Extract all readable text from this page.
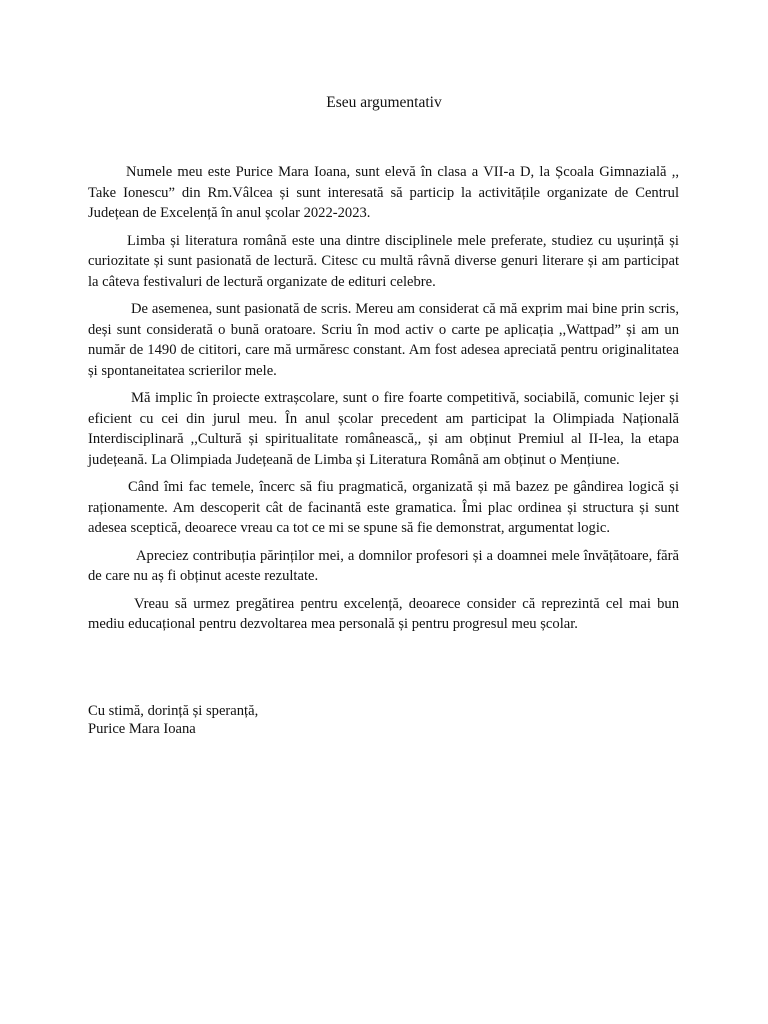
Eseu argumentativ

Numele meu este Purice Mara Ioana, sunt elevă în clasa a VII-a D, la Școala Gimnazială ,, Take Ionescu” din Rm.Vâlcea și sunt interesată să particip la activitățile organizate de Centrul Județean de Excelență în anul școlar 2022-2023.

Limba și literatura română este una dintre disciplinele mele preferate, studiez cu ușurință și curiozitate și sunt pasionată de lectură. Citesc cu multă râvnă diverse genuri literare și am participat la câteva festivaluri de lectură organizate de edituri celebre.

De asemenea, sunt pasionată de scris. Mereu am considerat că mă exprim mai bine prin scris, deși sunt considerată o bună oratoare. Scriu în mod activ o carte pe aplicația ,,Wattpad” și am un număr de 1490 de cititori, care mă urmăresc constant. Am fost adesea apreciată pentru originalitatea și spontaneitatea scrierilor mele.

Mă implic în proiecte extrașcolare, sunt o fire foarte competitivă, sociabilă, comunic lejer și eficient cu cei din jurul meu. În anul școlar precedent am participat la Olimpiada Națională Interdisciplinară ,,Cultură și spiritualitate românească,, și am obținut Premiul al II-lea, la etapa județeană. La Olimpiada Județeană de Limba și Literatura Română am obținut o Mențiune.

Când îmi fac temele, încerc să fiu pragmatică, organizată și mă bazez pe gândirea logică și raționamente. Am descoperit cât de facinantă este gramatica. Îmi plac ordinea și structura și sunt adesea sceptică, deoarece vreau ca tot ce mi se spune să fie demonstrat, argumentat logic.

Apreciez contribuția părinților mei, a domnilor profesori și a doamnei mele învățătoare, fără de care nu aș fi obținut aceste rezultate.

Vreau să urmez pregătirea pentru excelență, deoarece consider că reprezintă cel mai bun mediu educațional pentru dezvoltarea mea personală și pentru progresul meu școlar.

Cu stimă, dorință și speranță,
Purice Mara Ioana
